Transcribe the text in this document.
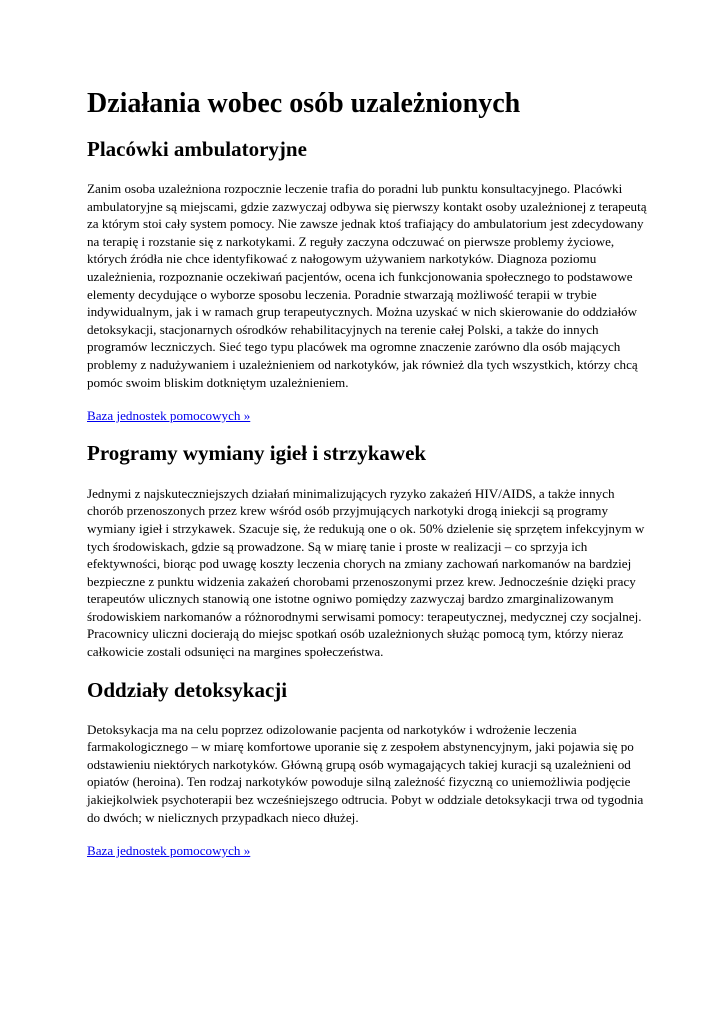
Działania wobec osób uzależnionych
Placówki ambulatoryjne

Zanim osoba uzależniona rozpocznie leczenie trafia do poradni lub punktu konsultacyjnego. Placówki ambulatoryjne są miejscami, gdzie zazwyczaj odbywa się pierwszy kontakt osoby uzależnionej z terapeutą za którym stoi cały system pomocy. Nie zawsze jednak ktoś trafiający do ambulatorium jest zdecydowany na terapię i rozstanie się z narkotykami. Z reguły zaczyna odczuwać on pierwsze problemy życiowe, których źródła nie chce identyfikować z nałogowym używaniem narkotyków. Diagnoza poziomu uzależnienia, rozpoznanie oczekiwań pacjentów, ocena ich funkcjonowania społecznego to podstawowe elementy decydujące o wyborze sposobu leczenia. Poradnie stwarzają możliwość terapii w trybie indywidualnym, jak i w ramach grup terapeutycznych. Można uzyskać w nich skierowanie do oddziałów detoksykacji, stacjonarnych ośrodków rehabilitacyjnych na terenie całej Polski, a także do innych programów leczniczych. Sieć tego typu placówek ma ogromne znaczenie zarówno dla osób mających problemy z nadużywaniem i uzależnieniem od narkotyków, jak również dla tych wszystkich, którzy chcą pomóc swoim bliskim dotkniętym uzależnieniem.

Baza jednostek pomocowych »
Programy wymiany igieł i strzykawek

Jednymi z najskuteczniejszych działań minimalizujących ryzyko zakażeń HIV/AIDS, a także innych chorób przenoszonych przez krew wśród osób przyjmujących narkotyki drogą iniekcji są programy wymiany igieł i strzykawek. Szacuje się, że redukują one o ok. 50% dzielenie się sprzętem infekcyjnym w tych środowiskach, gdzie są prowadzone. Są w miarę tanie i proste w realizacji – co sprzyja ich efektywności, biorąc pod uwagę koszty leczenia chorych na zmiany zachowań narkomanów na bardziej bezpieczne z punktu widzenia zakażeń chorobami przenoszonymi przez krew. Jednocześnie dzięki pracy terapeutów ulicznych stanowią one istotne ogniwo pomiędzy zazwyczaj bardzo zmarginalizowanym środowiskiem narkomanów a różnorodnymi serwisami pomocy: terapeutycznej, medycznej czy socjalnej. Pracownicy uliczni docierają do miejsc spotkań osób uzależnionych służąc pomocą tym, którzy nieraz całkowicie zostali odsunięci na margines społeczeństwa.

Oddziały detoksykacji

Detoksykacja ma na celu poprzez odizolowanie pacjenta od narkotyków i wdrożenie leczenia farmakologicznego – w miarę komfortowe uporanie się z zespołem abstynencyjnym, jaki pojawia się po odstawieniu niektórych narkotyków. Główną grupą osób wymagających takiej kuracji są uzależnieni od opiatów (heroina). Ten rodzaj narkotyków powoduje silną zależność fizyczną co uniemożliwia podjęcie jakiejkolwiek psychoterapii bez wcześniejszego odtrucia. Pobyt w oddziale detoksykacji trwa od tygodnia do dwóch; w nielicznych przypadkach nieco dłużej.

Baza jednostek pomocowych »
